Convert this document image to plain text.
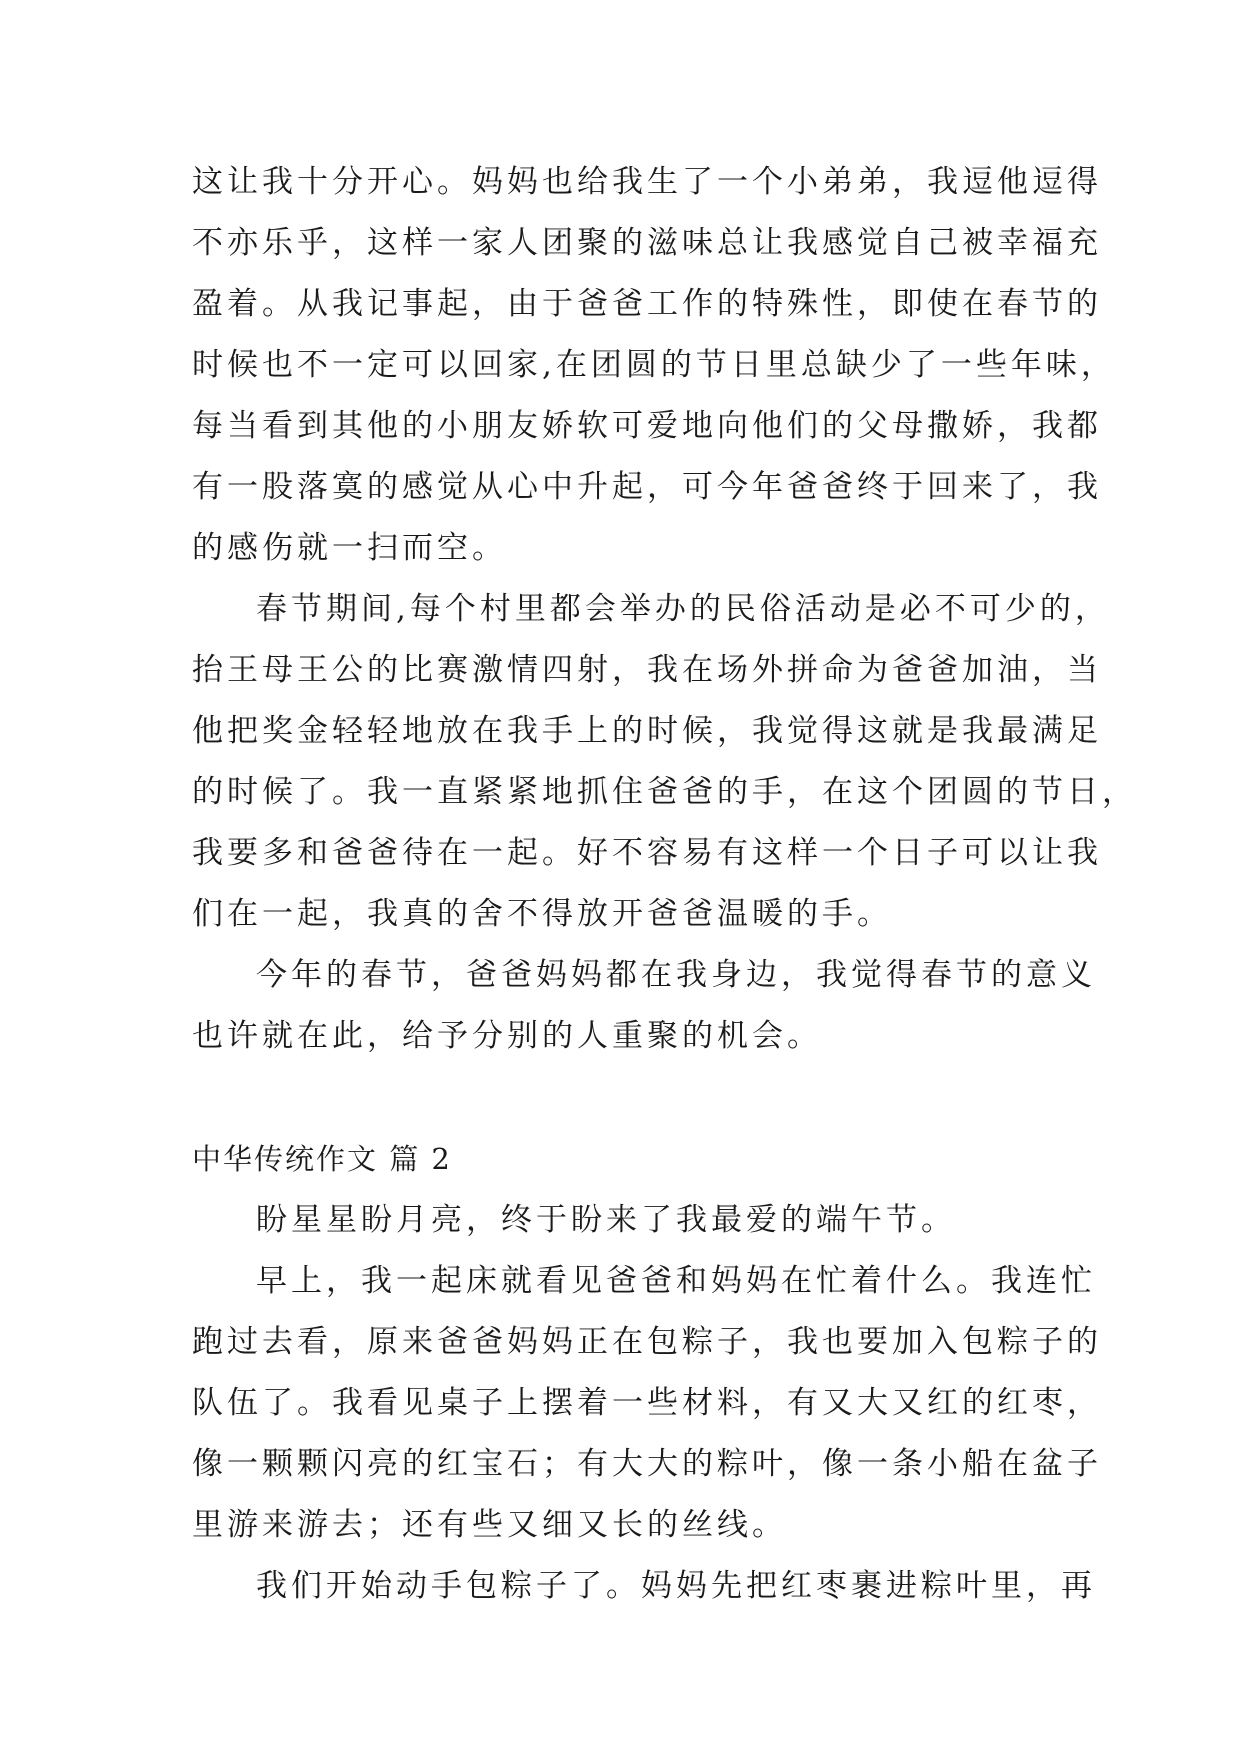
这让我十分开心。妈妈也给我生了一个小弟弟，我逗他逗得
不亦乐乎，这样一家人团聚的滋味总让我感觉自己被幸福充
盈着。从我记事起，由于爸爸工作的特殊性，即使在春节的
时候也不一定可以回家,在团圆的节日里总缺少了一些年味，
每当看到其他的小朋友娇软可爱地向他们的父母撒娇，我都
有一股落寞的感觉从心中升起，可今年爸爸终于回来了，我
的感伤就一扫而空。
春节期间,每个村里都会举办的民俗活动是必不可少的，
抬王母王公的比赛激情四射，我在场外拼命为爸爸加油，当
他把奖金轻轻地放在我手上的时候，我觉得这就是我最满足
的时候了。我一直紧紧地抓住爸爸的手，在这个团圆的节日，
我要多和爸爸待在一起。好不容易有这样一个日子可以让我
们在一起，我真的舍不得放开爸爸温暖的手。
今年的春节，爸爸妈妈都在我身边，我觉得春节的意义
也许就在此，给予分别的人重聚的机会。
中华传统作文 篇 2
盼星星盼月亮，终于盼来了我最爱的端午节。
早上，我一起床就看见爸爸和妈妈在忙着什么。我连忙
跑过去看，原来爸爸妈妈正在包粽子，我也要加入包粽子的
队伍了。我看见桌子上摆着一些材料，有又大又红的红枣，
像一颗颗闪亮的红宝石；有大大的粽叶，像一条小船在盆子
里游来游去；还有些又细又长的丝线。
我们开始动手包粽子了。妈妈先把红枣裹进粽叶里，再
